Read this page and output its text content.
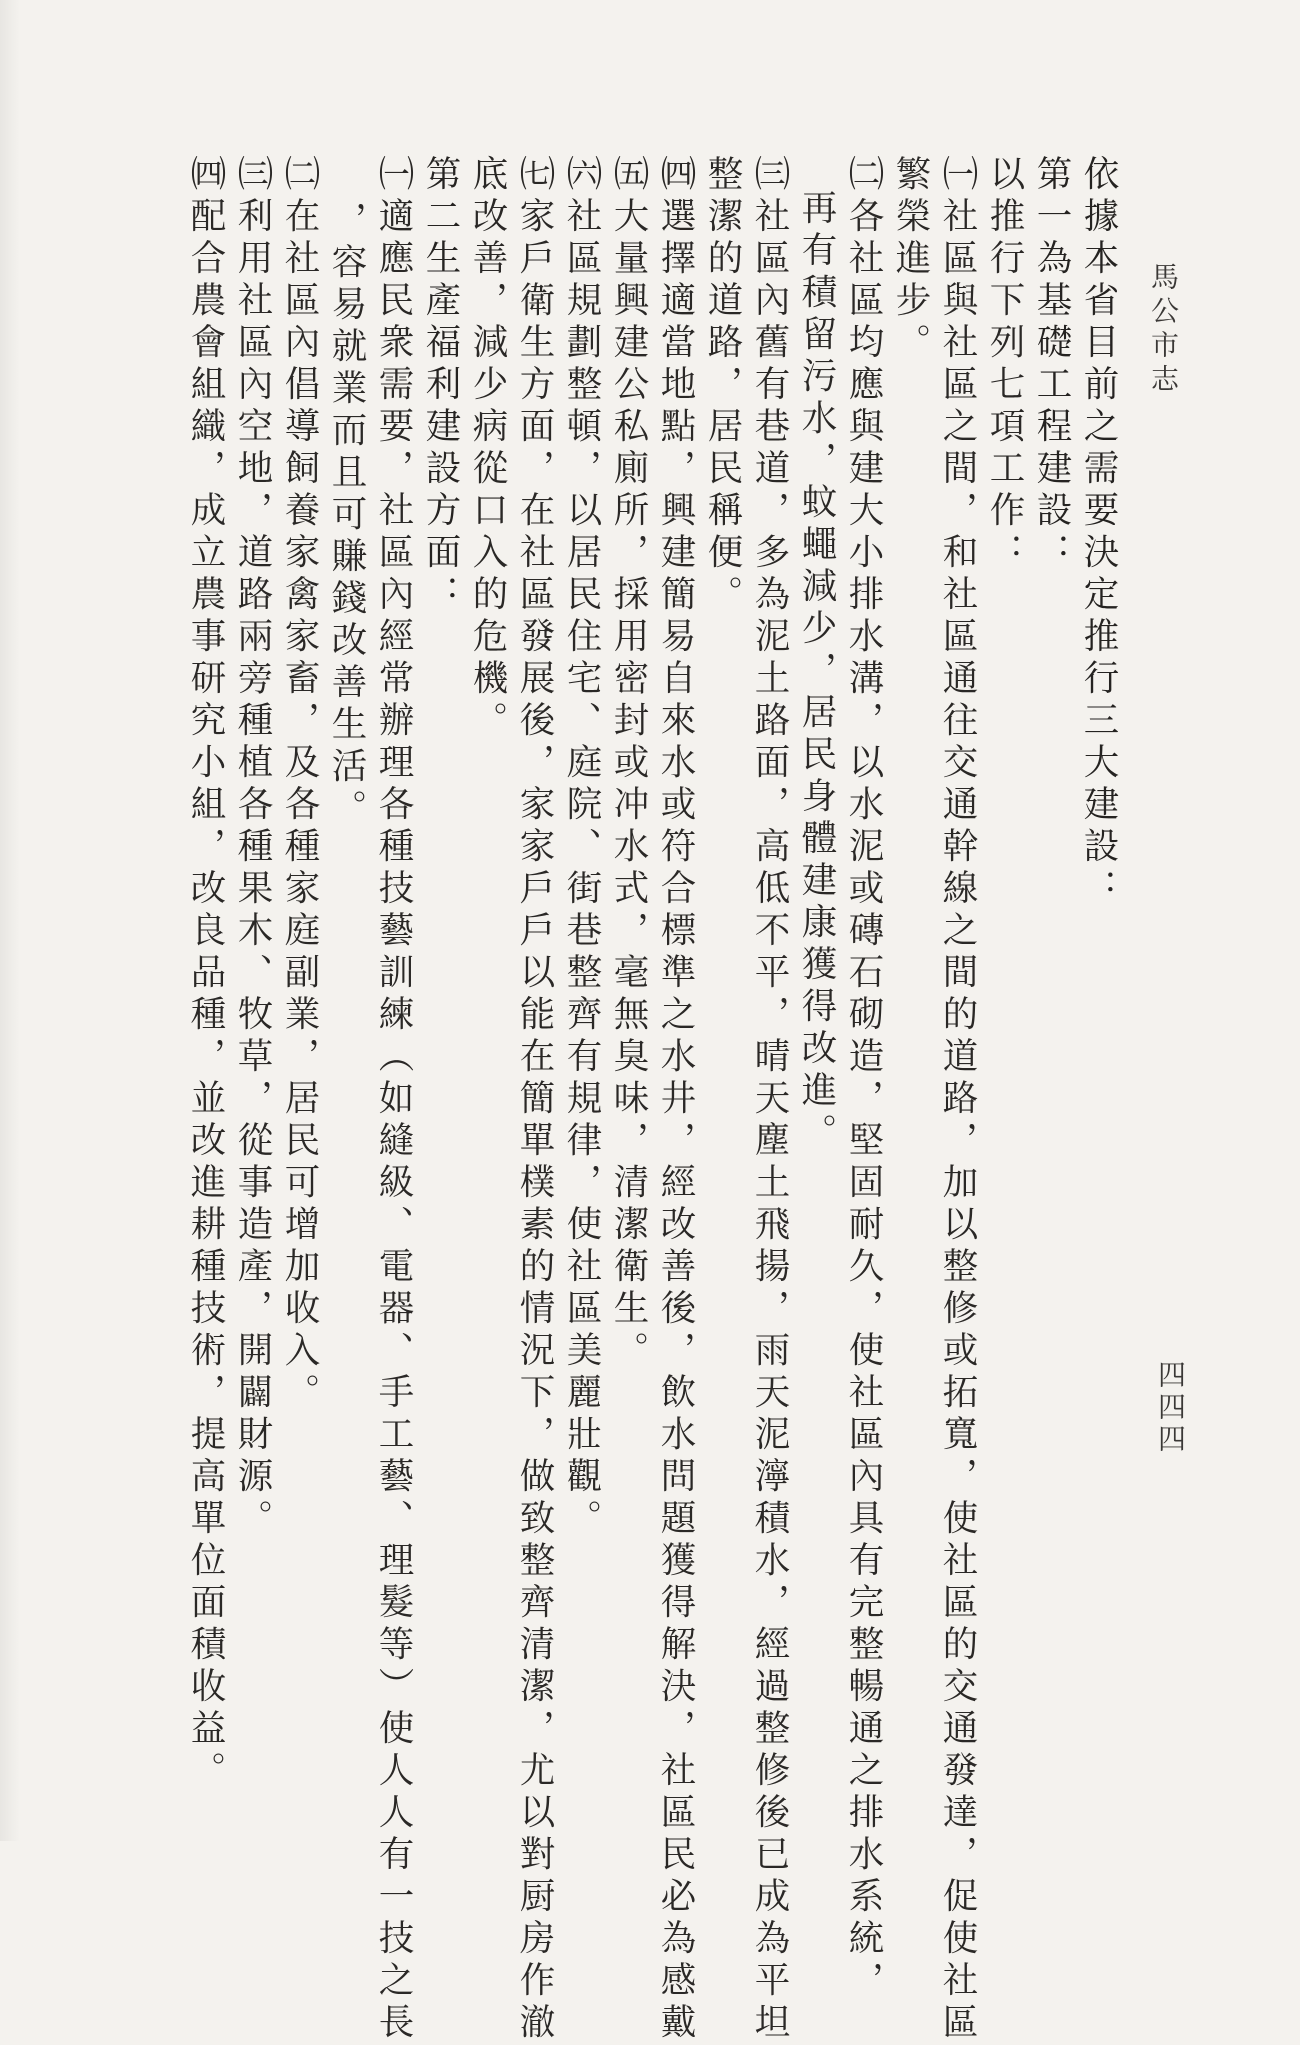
馬公市志
四四四
依據本省目前之需要決定推行三大建設：
第一為基礎工程建設：
以推行下列七項工作：
㈠社區與社區之間，和社區通往交通幹線之間的道路，加以整修或拓寬，使社區的交通發達，促使社區
繁榮進步。
㈡各社區均應與建大小排水溝，以水泥或磚石砌造，堅固耐久，使社區內具有完整暢通之排水系統，
再有積留污水，蚊蠅減少，居民身體建康獲得改進。
㈢社區內舊有巷道，多為泥土路面，高低不平，晴天塵土飛揚，雨天泥濘積水，經過整修後已成為平坦
整潔的道路，居民稱便。
㈣選擇適當地點，興建簡易自來水或符合標準之水井，經改善後，飲水問題獲得解決，社區民必為感戴
㈤大量興建公私廁所，採用密封或冲水式，毫無臭味，清潔衛生。
㈥社區規劃整頓，以居民住宅、庭院、街巷整齊有規律，使社區美麗壯觀。
㈦家戶衛生方面，在社區發展後，家家戶戶以能在簡單樸素的情況下，做致整齊清潔，尤以對厨房作澈
底改善，減少病從口入的危機。
第二生產福利建設方面：
㈠適應民衆需要，社區內經常辦理各種技藝訓練（如縫級、電器、手工藝、理髮等）使人人有一技之長
，容易就業而且可賺錢改善生活。
㈡在社區內倡導飼養家禽家畜，及各種家庭副業，居民可增加收入。
㈢利用社區內空地，道路兩旁種植各種果木、牧草，從事造產，開闢財源。
㈣配合農會組織，成立農事研究小組，改良品種，並改進耕種技術，提高單位面積收益。
